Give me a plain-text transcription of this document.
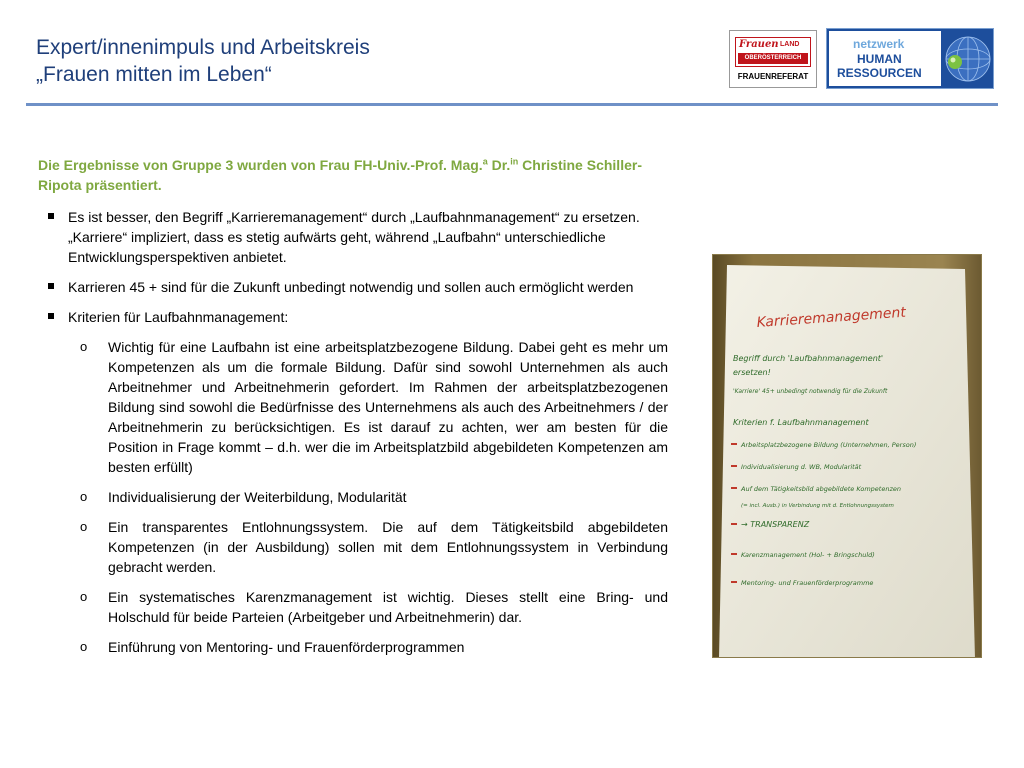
Expert/innenimpuls und Arbeitskreis
„Frauen mitten im Leben“
Frauen LAND
OBERÖSTERREICH
FRAUENREFERAT
netzwerk
HUMAN
RESSOURCEN
Die Ergebnisse von Gruppe 3 wurden von Frau FH-Univ.-Prof. Mag.$^a$ Dr.$^{in}$ Christine Schiller-Ripota präsentiert.
Es ist besser, den Begriff „Karrieremanagement“ durch „Laufbahnmanagement“ zu ersetzen. „Karriere“ impliziert, dass es stetig aufwärts geht, während „Laufbahn“ unterschiedliche Entwicklungsperspektiven anbietet.
Karrieren 45 + sind für die Zukunft unbedingt notwendig und sollen auch ermöglicht werden
Kriterien für Laufbahnmanagement:
o Wichtig für eine Laufbahn ist eine arbeitsplatzbezogene Bildung. Dabei geht es mehr um Kompetenzen als um die formale Bildung. Dafür sind sowohl Unternehmen als auch Arbeitnehmer und Arbeitnehmerin gefordert. Im Rahmen der arbeitsplatzbezogenen Bildung sind sowohl die Bedürfnisse des Unternehmens als auch des Arbeitnehmers / der Arbeitnehmerin zu berücksichtigen. Es ist darauf zu achten, wer am besten für die Position in Frage kommt – d.h. wer die im Arbeitsplatzbild abgebildeten Kompetenzen am besten erfüllt)
o Individualisierung der Weiterbildung, Modularität
o Ein transparentes Entlohnungssystem. Die auf dem Tätigkeitsbild abgebildeten Kompetenzen (in der Ausbildung) sollen mit dem Entlohnungssystem in Verbindung gebracht werden.
o Ein systematisches Karenzmanagement ist wichtig. Dieses stellt eine Bring- und Holschuld für beide Parteien (Arbeitgeber und Arbeitnehmerin) dar.
o Einführung von Mentoring- und Frauenförderprogrammen
Karrieremanagement
Begriff durch 'Laufbahnmanagement'
ersetzen!
'Karriere' 45+ unbedingt notwendig für die Zukunft
Kriterien f. Laufbahnmanagement
Arbeitsplatzbezogene Bildung (Unternehmen, Person)
Individualisierung d. WB, Modularität
Auf dem Tätigkeitsbild abgebildete Kompetenzen
(= incl. Ausb.) in Verbindung mit d. Entlohnungssystem
→ TRANSPARENZ
Karenzmanagement (Hol- + Bringschuld)
Mentoring- und Frauenförderprogramme
